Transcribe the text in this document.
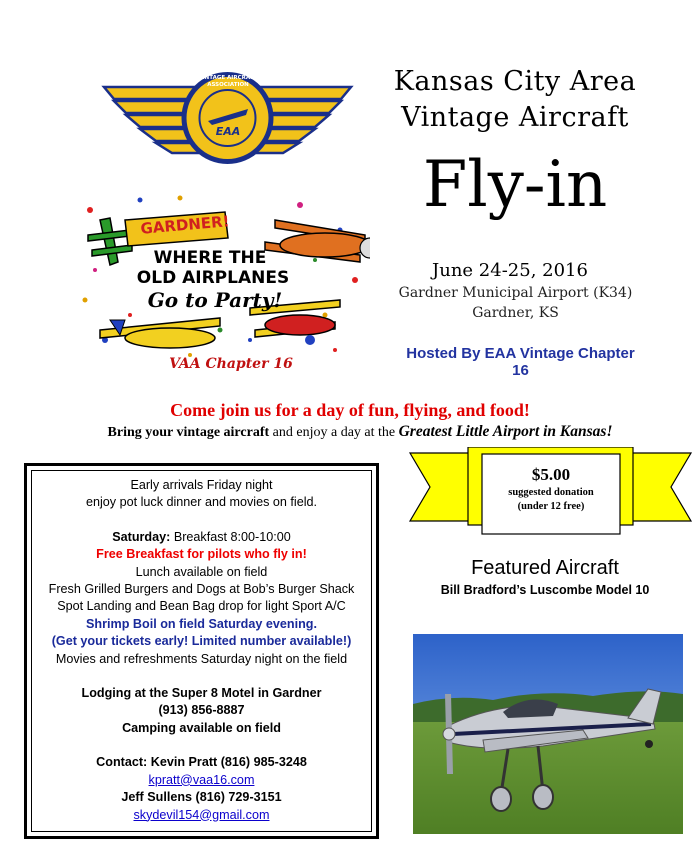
VINTAGE AIRCRAFT ASSOCIATION
EAA
GARDNER!
WHERE THE
OLD AIRPLANES
Go to Party!
VAA Chapter 16
Kansas City Area
Vintage Aircraft
Fly-in
June 24-25, 2016
Gardner Municipal Airport (K34)
Gardner, KS
Hosted By EAA Vintage Chapter 16
Come join us for a day of fun, flying, and food!
Bring your vintage aircraft and enjoy a day at the Greatest Little Airport in Kansas!

Early arrivals Friday night

enjoy pot luck dinner and movies on field.

Saturday: Breakfast 8:00-10:00

Free Breakfast for pilots who fly in!

Lunch available on field

Fresh Grilled Burgers and Dogs at Bob’s Burger Shack

Spot Landing and Bean Bag drop for light Sport A/C

Shrimp Boil on field Saturday evening.

(Get your tickets early! Limited number available!)

Movies and refreshments Saturday night on the field

Lodging at the Super 8 Motel in Gardner

(913) 856-8887

Camping available on field

Contact: Kevin Pratt (816) 985-3248

kpratt@vaa16.com

Jeff Sullens (816) 729-3151

skydevil154@gmail.com

$5.00
suggested donation
(under 12 free)
Featured Aircraft
Bill Bradford’s Luscombe Model 10
